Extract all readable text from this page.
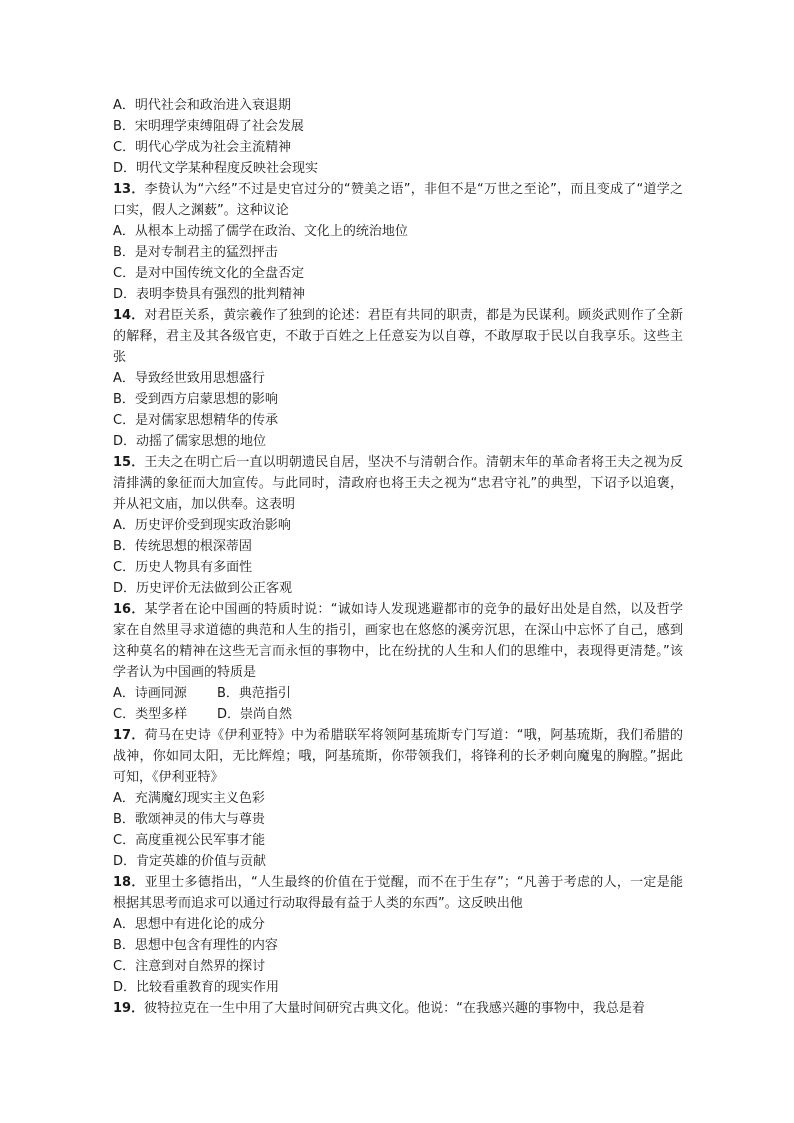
A．明代社会和政治进入衰退期
B．宋明理学束缚阻碍了社会发展
C．明代心学成为社会主流精神
D．明代文学某种程度反映社会现实
13．李贽认为“六经”不过是史官过分的“赞美之语”，非但不是“万世之至论”，而且变成了“道学之口实，假人之渊薮”。这种议论
A．从根本上动摇了儒学在政治、文化上的统治地位
B．是对专制君主的猛烈抨击
C．是对中国传统文化的全盘否定
D．表明李贽具有强烈的批判精神
14．对君臣关系，黄宗羲作了独到的论述：君臣有共同的职责，都是为民谋利。顾炎武则作了全新的解释，君主及其各级官吏，不敢于百姓之上任意妄为以自尊，不敢厚取于民以自我享乐。这些主张
A．导致经世致用思想盛行
B．受到西方启蒙思想的影响
C．是对儒家思想精华的传承
D．动摇了儒家思想的地位
15．王夫之在明亡后一直以明朝遗民自居，坚决不与清朝合作。清朝末年的革命者将王夫之视为反清排满的象征而大加宣传。与此同时，清政府也将王夫之视为“忠君守礼”的典型，下诏予以追褒，并从祀文庙，加以供奉。这表明
A．历史评价受到现实政治影响
B．传统思想的根深蒂固
C．历史人物具有多面性
D．历史评价无法做到公正客观
16．某学者在论中国画的特质时说：“诚如诗人发现逃避都市的竞争的最好出处是自然，以及哲学家在自然里寻求道德的典范和人生的指引，画家也在悠悠的溪旁沉思，在深山中忘怀了自己，感到这种莫名的精神在这些无言而永恒的事物中，比在纷扰的人生和人们的思维中，表现得更清楚。”该学者认为中国画的特质是
A．诗画同源	B．典范指引
C．类型多样	D．崇尚自然
17．荷马在史诗《伊利亚特》中为希腊联军将领阿基琉斯专门写道：“哦，阿基琉斯，我们希腊的战神，你如同太阳，无比辉煌；哦，阿基琉斯，你带领我们，将锋利的长矛刺向魔鬼的胸膛。”据此可知，《伊利亚特》
A．充满魔幻现实主义色彩
B．歌颂神灵的伟大与尊贵
C．高度重视公民军事才能
D．肯定英雄的价值与贡献
18．亚里士多德指出，“人生最终的价值在于觉醒，而不在于生存”；“凡善于考虑的人，一定是能根据其思考而追求可以通过行动取得最有益于人类的东西”。这反映出他
A．思想中有进化论的成分
B．思想中包含有理性的内容
C．注意到对自然界的探讨
D．比较看重教育的现实作用
19．彼特拉克在一生中用了大量时间研究古典文化。他说：“在我感兴趣的事物中，我总是着
